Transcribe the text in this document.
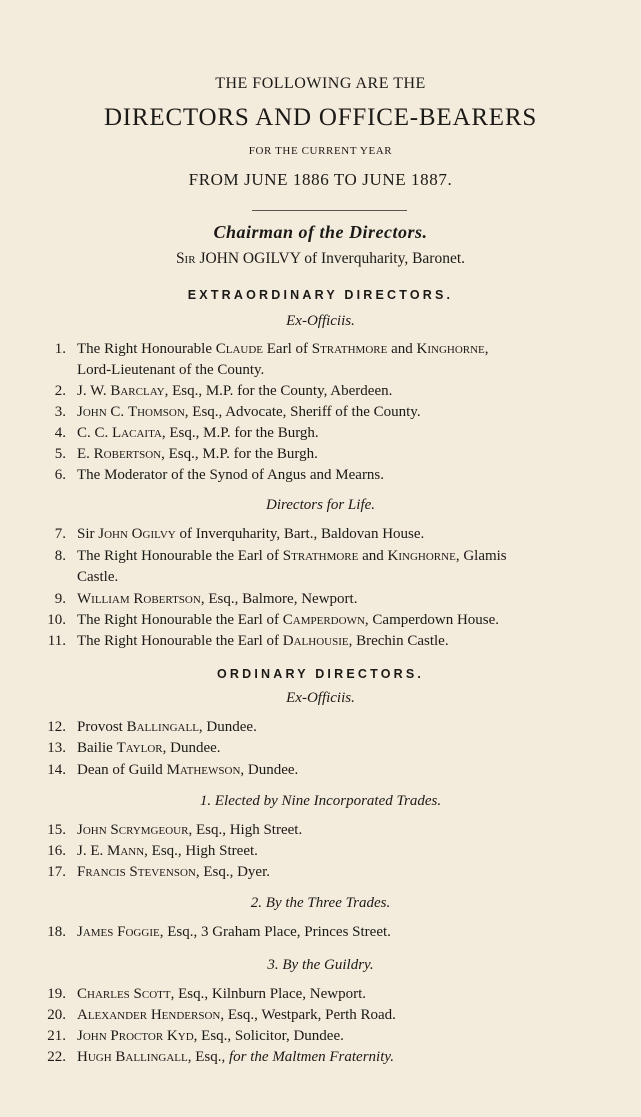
THE FOLLOWING ARE THE
DIRECTORS AND OFFICE-BEARERS
FOR THE CURRENT YEAR
FROM JUNE 1886 TO JUNE 1887.
Chairman of the Directors.
Sir JOHN OGILVY of Inverquharity, Baronet.
EXTRAORDINARY DIRECTORS.
Ex-Officiis.
1. The Right Honourable Claude Earl of Strathmore and Kinghorne,
Lord-Lieutenant of the County.
2. J. W. Barclay, Esq., M.P. for the County, Aberdeen.
3. John C. Thomson, Esq., Advocate, Sheriff of the County.
4. C. C. Lacaita, Esq., M.P. for the Burgh.
5. E. Robertson, Esq., M.P. for the Burgh.
6. The Moderator of the Synod of Angus and Mearns.
Directors for Life.
7. Sir John Ogilvy of Inverquharity, Bart., Baldovan House.
8. The Right Honourable the Earl of Strathmore and Kinghorne, Glamis
Castle.
9. William Robertson, Esq., Balmore, Newport.
10. The Right Honourable the Earl of Camperdown, Camperdown House.
11. The Right Honourable the Earl of Dalhousie, Brechin Castle.
ORDINARY DIRECTORS.
Ex-Officiis.
12. Provost Ballingall, Dundee.
13. Bailie Taylor, Dundee.
14. Dean of Guild Mathewson, Dundee.
1. Elected by Nine Incorporated Trades.
15. John Scrymgeour, Esq., High Street.
16. J. E. Mann, Esq., High Street.
17. Francis Stevenson, Esq., Dyer.
2. By the Three Trades.
18. James Foggie, Esq., 3 Graham Place, Princes Street.
3. By the Guildry.
19. Charles Scott, Esq., Kilnburn Place, Newport.
20. Alexander Henderson, Esq., Westpark, Perth Road.
21. John Proctor Kyd, Esq., Solicitor, Dundee.
22. Hugh Ballingall, Esq., for the Maltmen Fraternity.
